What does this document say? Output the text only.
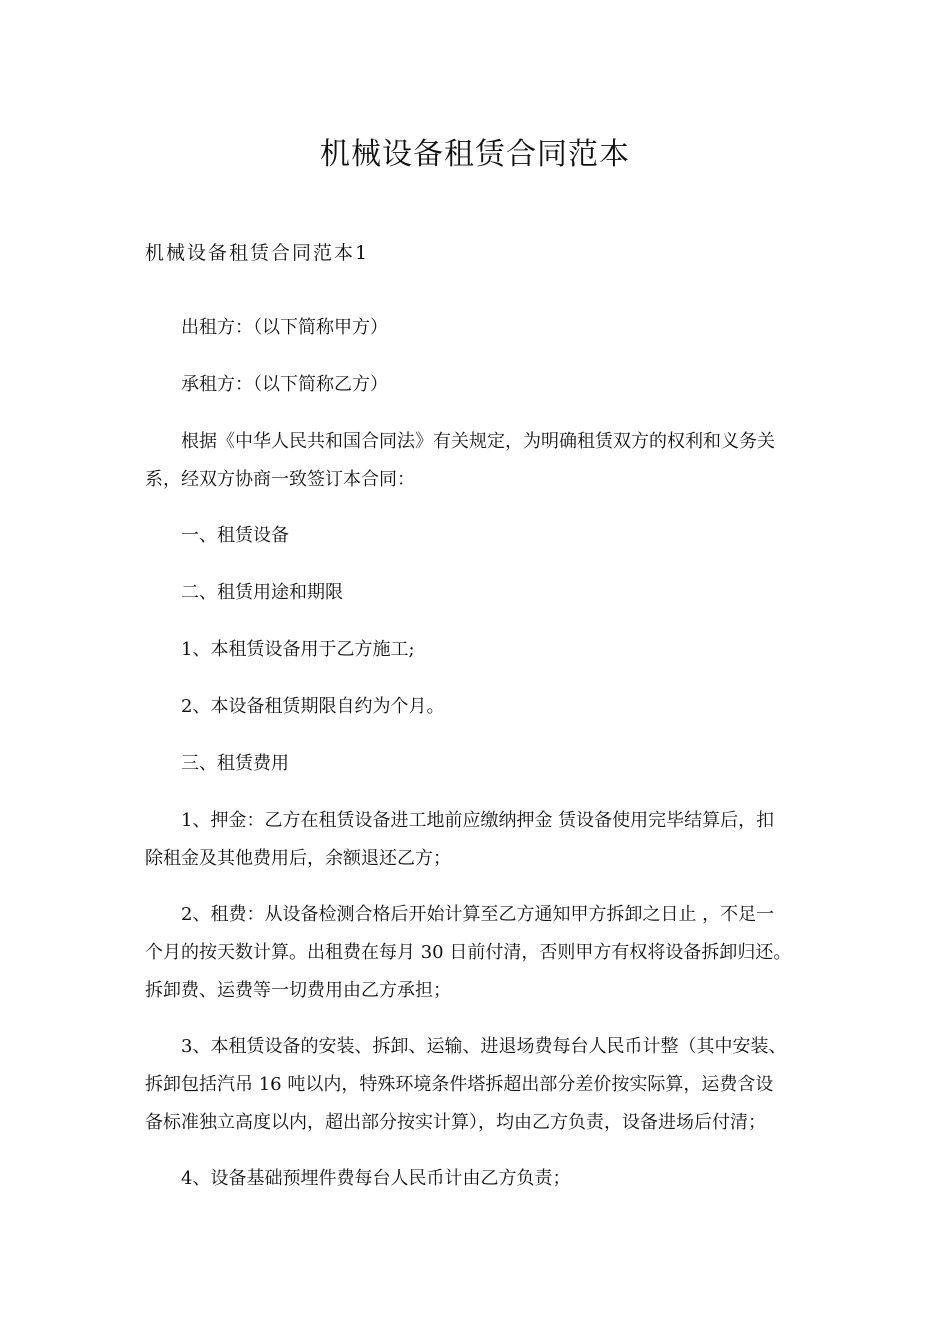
机械设备租赁合同范本
机械设备租赁合同范本1

出租方：（以下简称甲方）

承租方：（以下简称乙方）

根据《中华人民共和国合同法》有关规定，为明确租赁双方的权利和义务关
系，经双方协商一致签订本合同：

一、租赁设备

二、租赁用途和期限

1、本租赁设备用于乙方施工;

2、本设备租赁期限自约为个月。

三、租赁费用

1、押金：乙方在租赁设备进工地前应缴纳押金 赁设备使用完毕结算后，扣
除租金及其他费用后，余额退还乙方；

2、租费：从设备检测合格后开始计算至乙方通知甲方拆卸之日止 ，不足一
个月的按天数计算。出租费在每月 30 日前付清，否则甲方有权将设备拆卸归还。
拆卸费、运费等一切费用由乙方承担；

3、本租赁设备的安装、拆卸、运输、进退场费每台人民币计整（其中安装、
拆卸包括汽吊 16 吨以内，特殊环境条件塔拆超出部分差价按实际算，运费含设
备标准独立高度以内，超出部分按实计算），均由乙方负责，设备进场后付清；

4、设备基础预埋件费每台人民币计由乙方负责；
